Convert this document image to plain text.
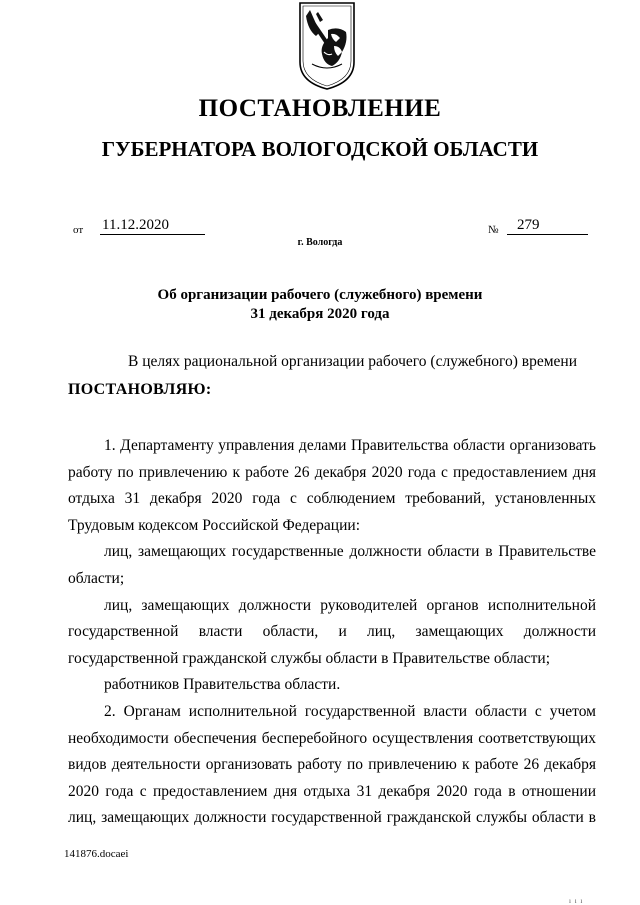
ПОСТАНОВЛЕНИЕ
ГУБЕРНАТОРА ВОЛОГОДСКОЙ ОБЛАСТИ
от 11.12.2020	№	279
г. Вологда
Об организации рабочего (служебного) времени
31 декабря 2020 года
В целях рациональной организации рабочего (служебного) времени
ПОСТАНОВЛЯЮ:

1. Департаменту управления делами Правительства области организовать работу по привлечению к работе 26 декабря 2020 года с предоставлением дня отдыха 31 декабря 2020 года с соблюдением требований, установленных Трудовым кодексом Российской Федерации:

лиц, замещающих государственные должности области в Правительстве области;

лиц, замещающих должности руководителей органов исполнительной государственной власти области, и лиц, замещающих должности государственной гражданской службы области в Правительстве области;

работников Правительства области.

2. Органам исполнительной государственной власти области с учетом необходимости обеспечения бесперебойного осуществления соответствующих видов деятельности организовать работу по привлечению к работе 26 декабря 2020 года с предоставлением дня отдыха 31 декабря 2020 года в отношении лиц, замещающих должности государственной гражданской службы области в

141876.docaei
ı ı ı
